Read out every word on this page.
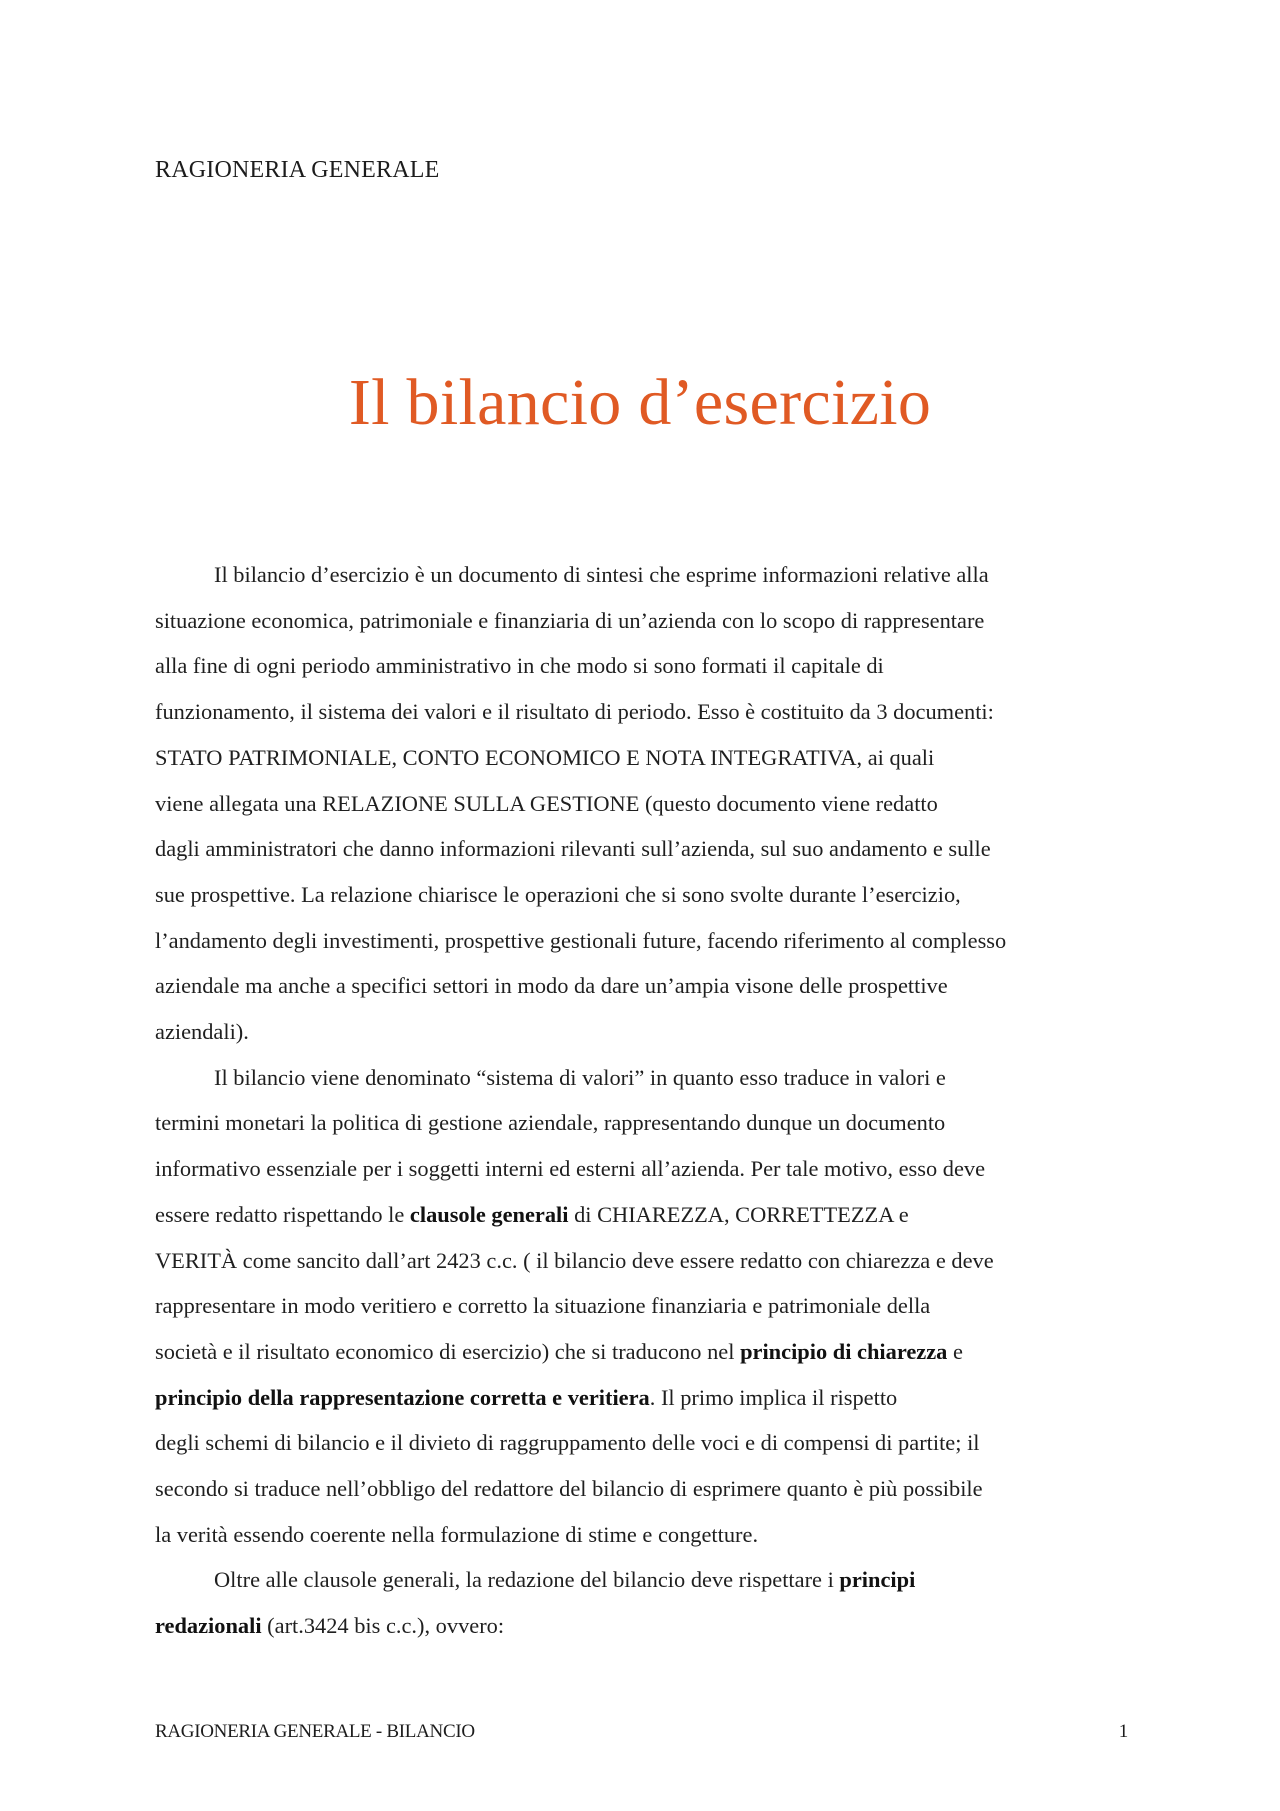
RAGIONERIA GENERALE
Il bilancio d’esercizio
Il bilancio d’esercizio è un documento di sintesi che esprime informazioni relative alla
situazione economica, patrimoniale e finanziaria di un’azienda con lo scopo di rappresentare
alla fine di ogni periodo amministrativo in che modo si sono formati il capitale di
funzionamento, il sistema dei valori e il risultato di periodo. Esso è costituito da 3 documenti:
STATO PATRIMONIALE, CONTO ECONOMICO E NOTA INTEGRATIVA, ai quali
viene allegata una RELAZIONE SULLA GESTIONE (questo documento viene redatto
dagli amministratori che danno informazioni rilevanti sull’azienda, sul suo andamento e sulle
sue prospettive. La relazione chiarisce le operazioni che si sono svolte durante l’esercizio,
l’andamento degli investimenti, prospettive gestionali future, facendo riferimento al complesso
aziendale ma anche a specifici settori in modo da dare un’ampia visone delle prospettive
aziendali).
Il bilancio viene denominato “sistema di valori” in quanto esso traduce in valori e
termini monetari la politica di gestione aziendale, rappresentando dunque un documento
informativo essenziale per i soggetti interni ed esterni all’azienda. Per tale motivo, esso deve
essere redatto rispettando le clausole generali di CHIAREZZA, CORRETTEZZA e
VERITÀ come sancito dall’art 2423 c.c. ( il bilancio deve essere redatto con chiarezza e deve
rappresentare in modo veritiero e corretto la situazione finanziaria e patrimoniale della
società e il risultato economico di esercizio) che si traducono nel principio di chiarezza e
principio della rappresentazione corretta e veritiera. Il primo implica il rispetto
degli schemi di bilancio e il divieto di raggruppamento delle voci e di compensi di partite; il
secondo si traduce nell’obbligo del redattore del bilancio di esprimere quanto è più possibile
la verità essendo coerente nella formulazione di stime e congetture.
Oltre alle clausole generali, la redazione del bilancio deve rispettare i principi
redazionali (art.3424 bis c.c.), ovvero:
RAGIONERIA GENERALE - BILANCIO	1
